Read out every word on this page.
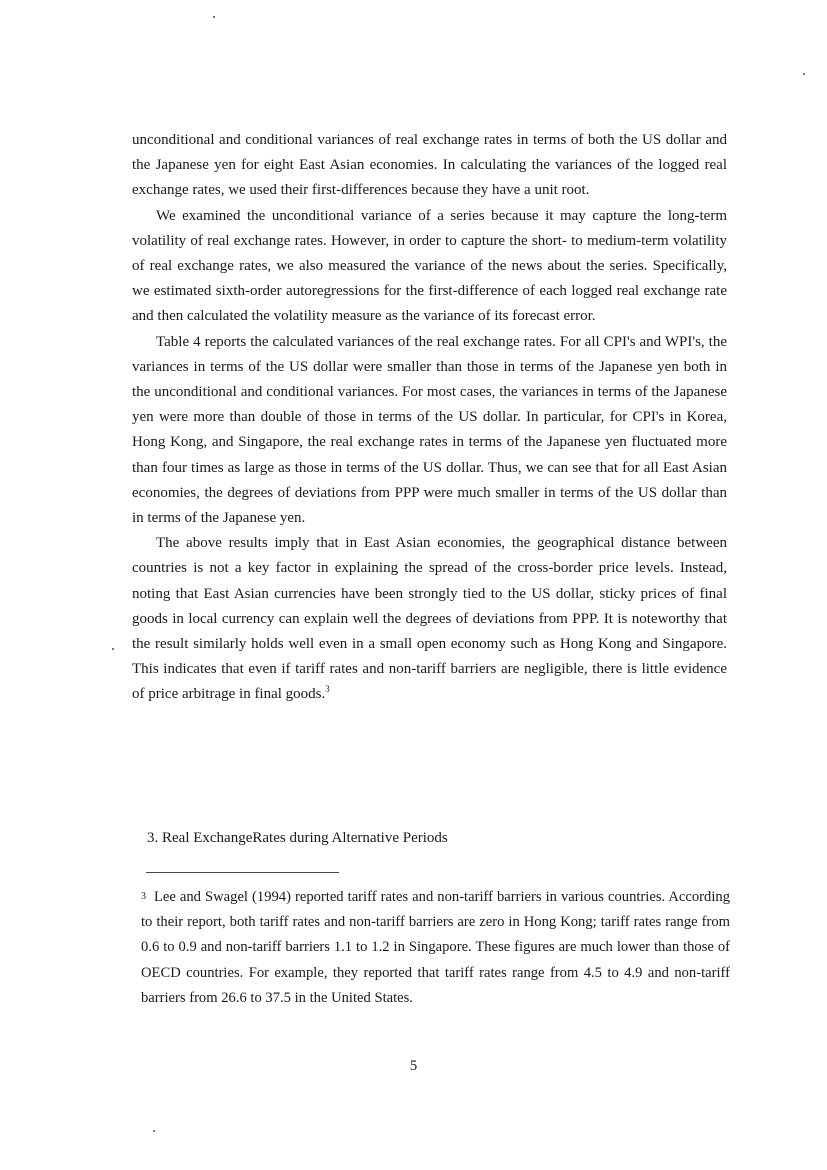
unconditional and conditional variances of real exchange rates in terms of both the US dollar and the Japanese yen for eight East Asian economies. In calculating the variances of the logged real exchange rates, we used their first-differences because they have a unit root.

We examined the unconditional variance of a series because it may capture the long-term volatility of real exchange rates. However, in order to capture the short- to medium-term volatility of real exchange rates, we also measured the variance of the news about the series. Specifically, we estimated sixth-order autoregressions for the first-difference of each logged real exchange rate and then calculated the volatility measure as the variance of its forecast error.

Table 4 reports the calculated variances of the real exchange rates. For all CPI's and WPI's, the variances in terms of the US dollar were smaller than those in terms of the Japanese yen both in the unconditional and conditional variances. For most cases, the variances in terms of the Japanese yen were more than double of those in terms of the US dollar. In particular, for CPI's in Korea, Hong Kong, and Singapore, the real exchange rates in terms of the Japanese yen fluctuated more than four times as large as those in terms of the US dollar. Thus, we can see that for all East Asian economies, the degrees of deviations from PPP were much smaller in terms of the US dollar than in terms of the Japanese yen.

The above results imply that in East Asian economies, the geographical distance between countries is not a key factor in explaining the spread of the cross-border price levels. Instead, noting that East Asian currencies have been strongly tied to the US dollar, sticky prices of final goods in local currency can explain well the degrees of deviations from PPP. It is noteworthy that the result similarly holds well even in a small open economy such as Hong Kong and Singapore. This indicates that even if tariff rates and non-tariff barriers are negligible, there is little evidence of price arbitrage in final goods.$^3$

3. Real ExchangeRates during Alternative Periods
3 Lee and Swagel (1994) reported tariff rates and non-tariff barriers in various countries. According to their report, both tariff rates and non-tariff barriers are zero in Hong Kong; tariff rates range from 0.6 to 0.9 and non-tariff barriers 1.1 to 1.2 in Singapore. These figures are much lower than those of OECD countries. For example, they reported that tariff rates range from 4.5 to 4.9 and non-tariff barriers from 26.6 to 37.5 in the United States.
5
